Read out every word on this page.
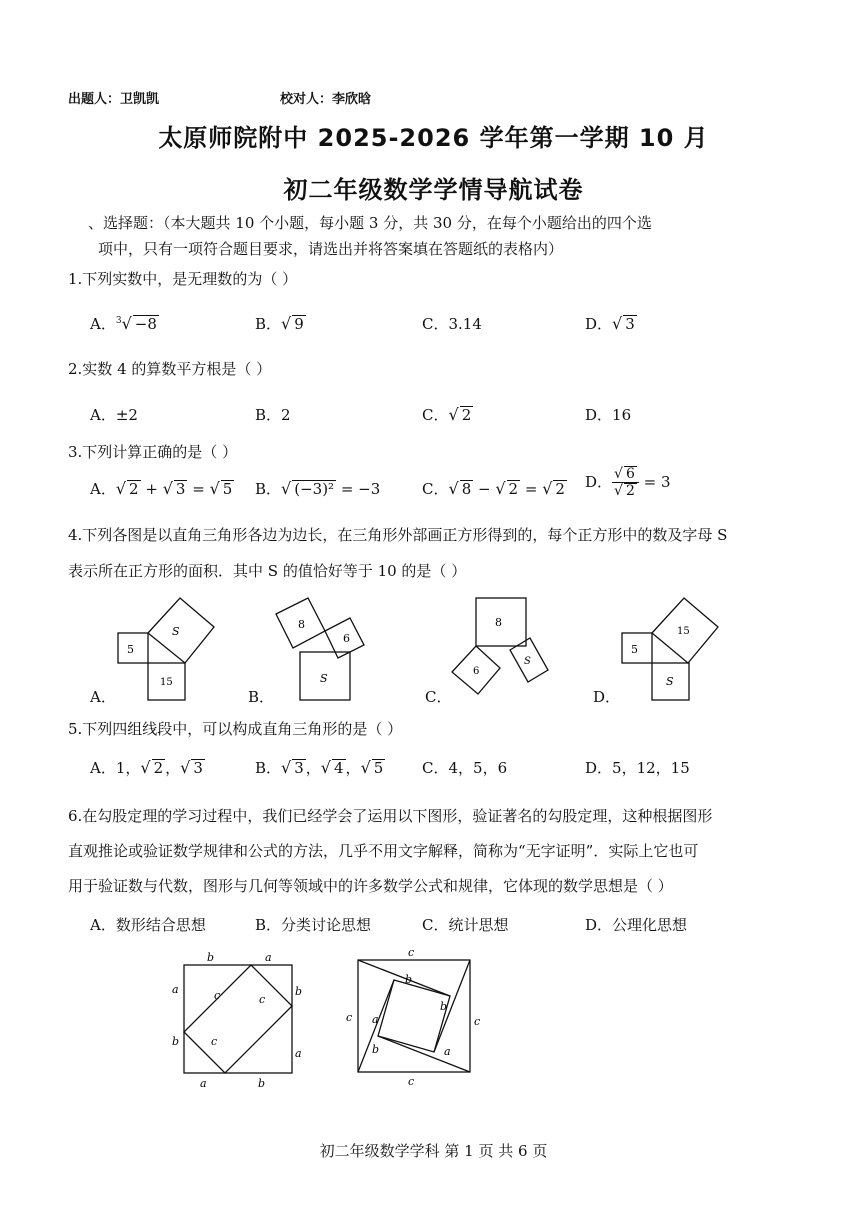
出题人：卫凯凯	校对人：李欣晗
太原师院附中 2025-2026 学年第一学期 10 月
初二年级数学学情导航试卷
、选择题：（本大题共 10 个小题，每小题 3 分，共 30 分，在每个小题给出的四个选
项中，只有一项符合题目要求，请选出并将答案填在答题纸的表格内）
1.下列实数中，是无理数的为（ ）
A．$^3$√ −8	B．√ 9	C．3.14	D．√ 3
2.实数 4 的算数平方根是（ ）
A．±2	B．2	C．√ 2	D．16
3.下列计算正确的是（ ）
A．√ 2 + √ 3 = √ 5 B．√ (−3)² = −3	C．√ 8 − √ 2 = √ 2 D． $\frac{√ 6}{√ 2} = 3$
4.下列各图是以直角三角形各边为边长，在三角形外部画正方形得到的，每个正方形中的数及字母 S
表示所在正方形的面积．其中 S 的值恰好等于 10 的是（ ）
5
S
15
8
6
S
8
6
S
5
15
S
A．	B．	C．	D．
5.下列四组线段中，可以构成直角三角形的是（ ）
A．1，√ 2 ，√ 3	B．√ 3 ，√ 4 ，√ 5	C．4，5，6	D．5，12，15
6.在勾股定理的学习过程中，我们已经学会了运用以下图形，验证著名的勾股定理，这种根据图形
直观推论或验证数学规律和公式的方法，几乎不用文字解释，简称为“无字证明”．实际上它也可
用于验证数与代数，图形与几何等领域中的许多数学公式和规律，它体现的数学思想是（ ）
A．数形结合思想	B．分类讨论思想	C．统计思想	D．公理化思想
b	a
a
b
a	b
b
a
c	c
c
c
b
b
a
a
b
c	c
c
初二年级数学学科 第 1 页 共 6 页
